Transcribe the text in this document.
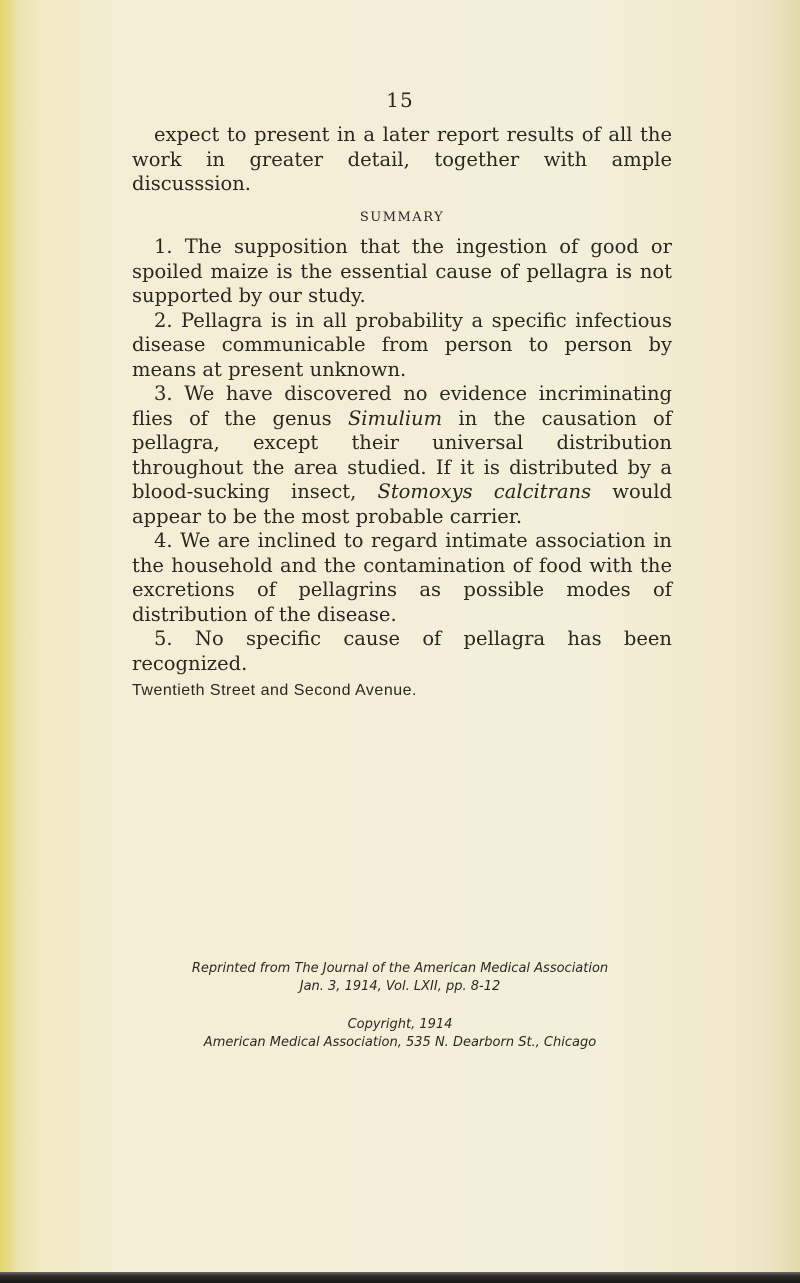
15

expect to present in a later report results of all the work in greater detail, together with ample discusssion.

SUMMARY

1. The supposition that the ingestion of good or spoiled maize is the essential cause of pellagra is not supported by our study.

2. Pellagra is in all probability a specific infectious disease communicable from person to person by means at present unknown.

3. We have discovered no evidence incriminating flies of the genus Simulium in the causation of pellagra, except their universal distribution throughout the area studied. If it is distributed by a blood-sucking insect, Stomoxys calcitrans would appear to be the most probable carrier.

4. We are inclined to regard intimate association in the household and the contamination of food with the excretions of pellagrins as possible modes of distribution of the disease.

5. No specific cause of pellagra has been recognized.

Twentieth Street and Second Avenue.

Reprinted from The Journal of the American Medical Association

Jan. 3, 1914, Vol. LXII, pp. 8-12

Copyright, 1914

American Medical Association, 535 N. Dearborn St., Chicago
